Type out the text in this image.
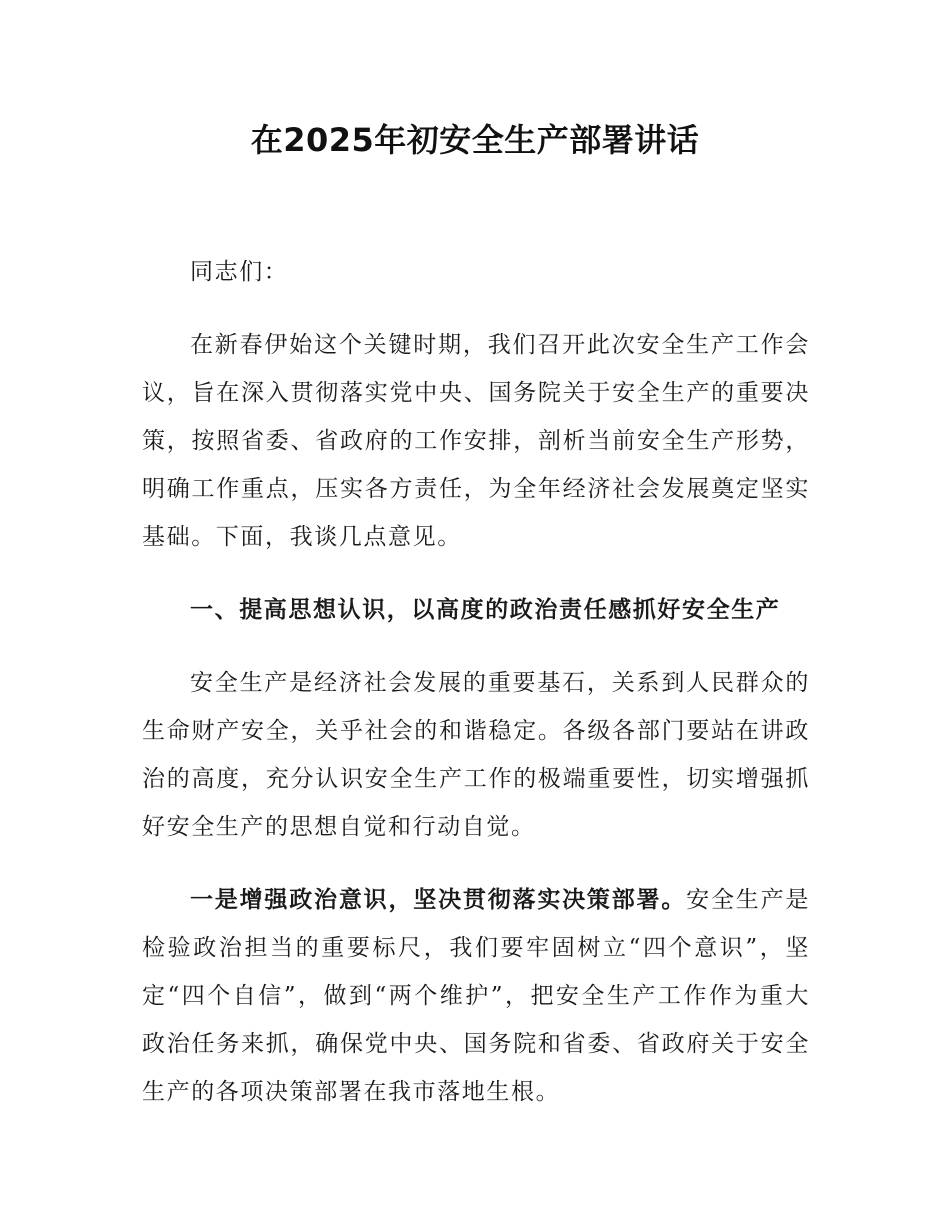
在2025年初安全生产部署讲话

同志们：

在新春伊始这个关键时期，我们召开此次安全生产工作会议，旨在深入贯彻落实党中央、国务院关于安全生产的重要决策，按照省委、省政府的工作安排，剖析当前安全生产形势，明确工作重点，压实各方责任，为全年经济社会发展奠定坚实基础。下面，我谈几点意见。

一、提高思想认识，以高度的政治责任感抓好安全生产

安全生产是经济社会发展的重要基石，关系到人民群众的生命财产安全，关乎社会的和谐稳定。各级各部门要站在讲政治的高度，充分认识安全生产工作的极端重要性，切实增强抓好安全生产的思想自觉和行动自觉。

一是增强政治意识，坚决贯彻落实决策部署。安全生产是检验政治担当的重要标尺，我们要牢固树立“四个意识”，坚定“四个自信”，做到“两个维护”，把安全生产工作作为重大政治任务来抓，确保党中央、国务院和省委、省政府关于安全生产的各项决策部署在我市落地生根。
